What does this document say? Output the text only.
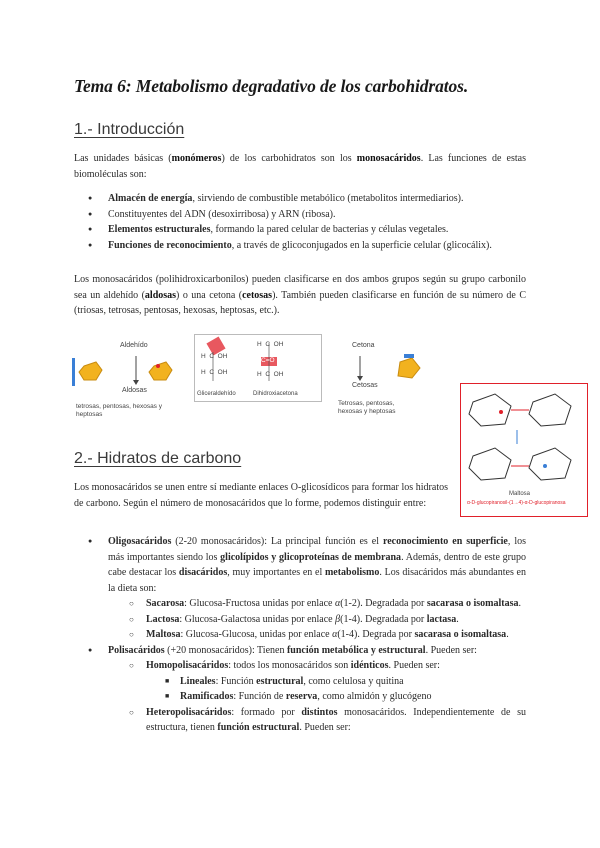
Tema 6: Metabolismo degradativo de los carbohidratos.
1.- Introducción
Las unidades básicas (monómeros) de los carbohidratos son los monosacáridos. Las funciones de estas biomoléculas son:
● Almacén de energía, sirviendo de combustible metabólico (metabolitos intermediarios).
● Constituyentes del ADN (desoxirribosa) y ARN (ribosa).
● Elementos estructurales, formando la pared celular de bacterias y células vegetales.
● Funciones de reconocimiento, a través de glicoconjugados en la superficie celular (glicocálix).
Los monosacáridos (polihidroxicarbonilos) pueden clasificarse en dos ambos grupos según su grupo carbonilo sea un aldehído (aldosas) o una cetona (cetosas). También pueden clasificarse en función de su número de C (triosas, tetrosas, pentosas, hexosas, heptosas, etc.).
Aldehído
Aldosas
tetrosas, pentosas, hexosas y heptosas
H C OH
H C OH
H C OH
C=O
H C OH
Gliceraldehído	Dihidroxiacetona
Cetona
Cetosas
Tetrosas, pentosas, hexosas y heptosas
Maltosa
α-D-glucopiranosil-(1→4)-α-D-glucopiranosa
2.- Hidratos de carbono
Los monosacáridos se unen entre sí mediante enlaces O-glicosídicos para formar los hidratos de carbono. Según el número de monosacáridos que lo forme, podemos distinguir entre:
● Oligosacáridos (2-20 monosacáridos): La principal función es el reconocimiento en superficie, los más importantes siendo los glicolípidos y glicoproteínas de membrana. Además, dentro de este grupo cabe destacar los disacáridos, muy importantes en el metabolismo. Los disacáridos más abundantes en la dieta son:
○ Sacarosa: Glucosa-Fructosa unidas por enlace α(1-2). Degradada por sacarasa o isomaltasa.
○ Lactosa: Glucosa-Galactosa unidas por enlace β(1-4). Degradada por lactasa.
○ Maltosa: Glucosa-Glucosa, unidas por enlace α(1-4). Degrada por sacarasa o isomaltasa.
● Polisacáridos (+20 monosacáridos): Tienen función metabólica y estructural. Pueden ser:
○ Homopolisacáridos: todos los monosacáridos son idénticos. Pueden ser:
■ Lineales: Función estructural, como celulosa y quitina
■ Ramificados: Función de reserva, como almidón y glucógeno
○ Heteropolisacáridos: formado por distintos monosacáridos. Independientemente de su estructura, tienen función estructural. Pueden ser:
